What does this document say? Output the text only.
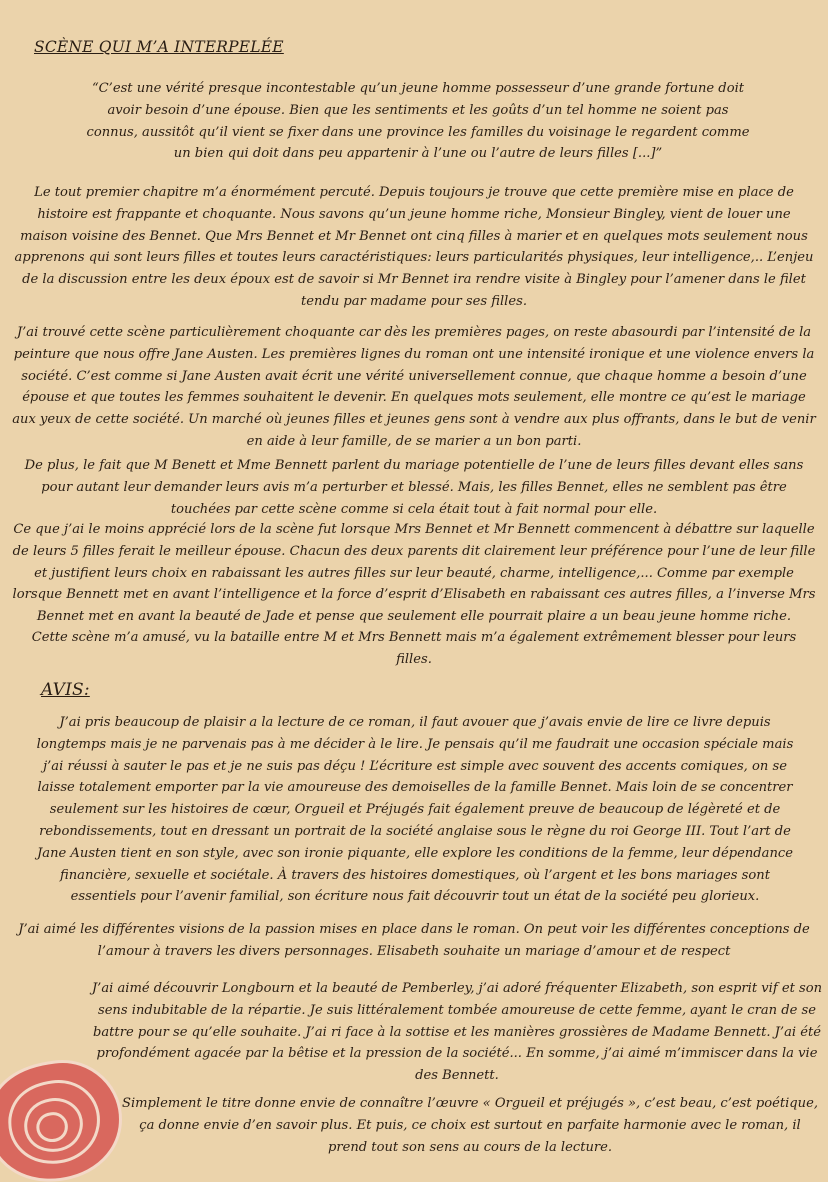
SCÈNE QUI M’A INTERPELÉE

“C’est une vérité presque incontestable qu’un jeune homme possesseur d’une grande fortune doit avoir besoin d’une épouse. Bien que les sentiments et les goûts d’un tel homme ne soient pas connus, aussitôt qu’il vient se fixer dans une province les familles du voisinage le regardent comme un bien qui doit dans peu appartenir à l’une ou l’autre de leurs filles [...]”

Le tout premier chapitre m’a énormément percuté. Depuis toujours je trouve que cette première mise en place de histoire est frappante et choquante. Nous savons qu’un jeune homme riche, Monsieur Bingley, vient de louer une maison voisine des Bennet. Que Mrs Bennet et Mr Bennet ont cinq filles à marier et en quelques mots seulement nous apprenons qui sont leurs filles et toutes leurs caractéristiques: leurs particularités physiques, leur intelligence,.. L’enjeu de la discussion entre les deux époux est de savoir si Mr Bennet ira rendre visite à Bingley pour l’amener dans le filet tendu par madame pour ses filles.

J’ai trouvé cette scène particulièrement choquante car dès les premières pages, on reste abasourdi par l’intensité de la peinture que nous offre Jane Austen. Les premières lignes du roman ont une intensité ironique et une violence envers la société. C’est comme si Jane Austen avait écrit une vérité universellement connue, que chaque homme a besoin d’une épouse et que toutes les femmes souhaitent le devenir. En quelques mots seulement, elle montre ce qu’est le mariage aux yeux de cette société. Un marché où jeunes filles et jeunes gens sont à vendre aux plus offrants, dans le but de venir en aide à leur famille, de se marier a un bon parti.

De plus, le fait que M Benett et Mme Bennett parlent du mariage potentielle de l’une de leurs filles devant elles sans pour autant leur demander leurs avis m’a perturber et blessé. Mais, les filles Bennet, elles ne semblent pas être touchées par cette scène comme si cela était tout à fait normal pour elle.

Ce que j’ai le moins apprécié lors de la scène fut lorsque Mrs Bennet et Mr Bennett commencent à débattre sur laquelle de leurs 5 filles ferait le meilleur épouse. Chacun des deux parents dit clairement leur préférence pour l’une de leur fille et justifient leurs choix en rabaissant les autres filles sur leur beauté, charme, intelligence,... Comme par exemple lorsque Bennett met en avant l’intelligence et la force d’esprit d’Elisabeth en rabaissant ces autres filles, a l’inverse Mrs Bennet met en avant la beauté de Jade et pense que seulement elle pourrait plaire a un beau jeune homme riche.

Cette scène m’a amusé, vu la bataille entre M et Mrs Bennett mais m’a également extrêmement blesser pour leurs filles.

AVIS:

J’ai pris beaucoup de plaisir a la lecture de ce roman, il faut avouer que j’avais envie de lire ce livre depuis longtemps mais je ne parvenais pas à me décider à le lire. Je pensais qu’il me faudrait une occasion spéciale mais j’ai réussi à sauter le pas et je ne suis pas déçu ! L’écriture est simple avec souvent des accents comiques, on se laisse totalement emporter par la vie amoureuse des demoiselles de la famille Bennet. Mais loin de se concentrer seulement sur les histoires de cœur, Orgueil et Préjugés fait également preuve de beaucoup de légèreté et de rebondissements, tout en dressant un portrait de la société anglaise sous le règne du roi George III. Tout l’art de Jane Austen tient en son style, avec son ironie piquante, elle explore les conditions de la femme, leur dépendance financière, sexuelle et sociétale. À travers des histoires domestiques, où l’argent et les bons mariages sont essentiels pour l’avenir familial, son écriture nous fait découvrir tout un état de la société peu glorieux.

J’ai aimé les différentes visions de la passion mises en place dans le roman. On peut voir les différentes conceptions de l’amour à travers les divers personnages. Elisabeth souhaite un mariage d’amour et de respect

J’ai aimé découvrir Longbourn et la beauté de Pemberley, j’ai adoré fréquenter Elizabeth, son esprit vif et son sens indubitable de la répartie. Je suis littéralement tombée amoureuse de cette femme, ayant le cran de se battre pour se qu’elle souhaite. J’ai ri face à la sottise et les manières grossières de Madame Bennett. J’ai été profondément agacée par la bêtise et la pression de la société... En somme, j’ai aimé m’immiscer dans la vie des Bennett.

Simplement le titre donne envie de connaître l’œuvre « Orgueil et préjugés », c’est beau, c’est poétique, ça donne envie d’en savoir plus. Et puis, ce choix est surtout en parfaite harmonie avec le roman, il prend tout son sens au cours de la lecture.
